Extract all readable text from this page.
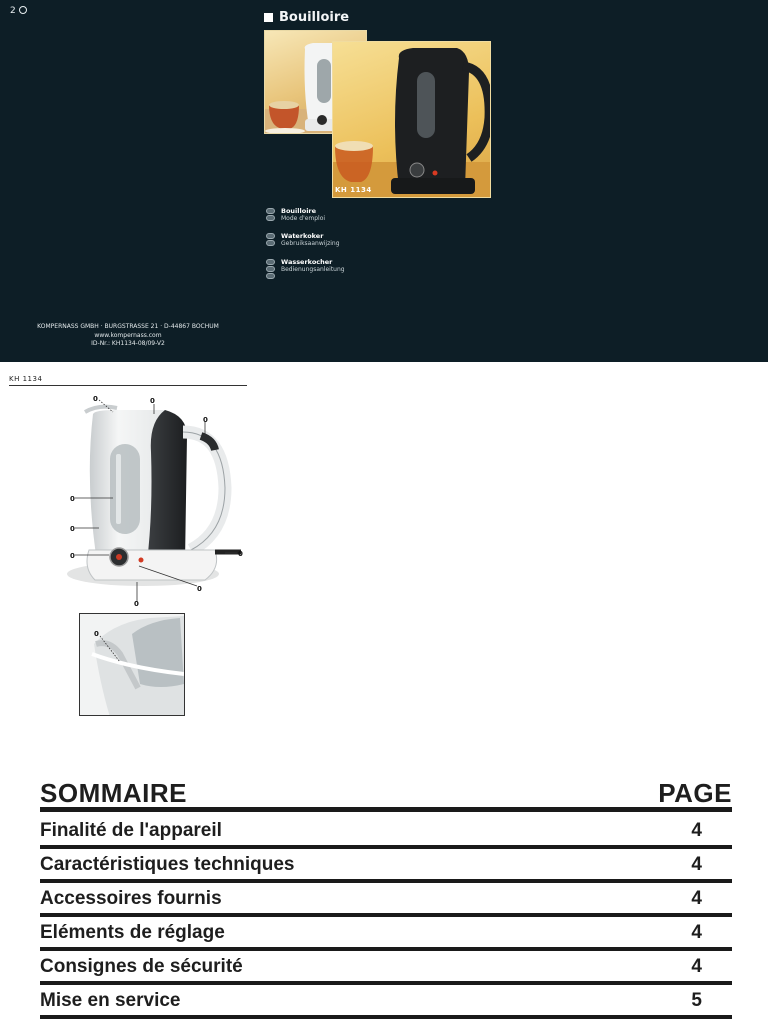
2	Bouilloire
KH 1134
Bouilloire
Mode d'emploi
Waterkoker
Gebruiksaanwijzing
Wasserkocher
Bedienungsanleitung
KOMPERNASS GMBH · BURGSTRASSE 21 · D-44867 BOCHUM
www.kompernass.com
ID-Nr.: KH1134-08/09-V2
KH 1134
0	0
0
0
0
0	0
0
0
0
SOMMAIRE	PAGE
Finalité de l'appareil	4
Caractéristiques techniques	4
Accessoires fournis	4
Eléments de réglage	4
Consignes de sécurité	4
Mise en service	5
